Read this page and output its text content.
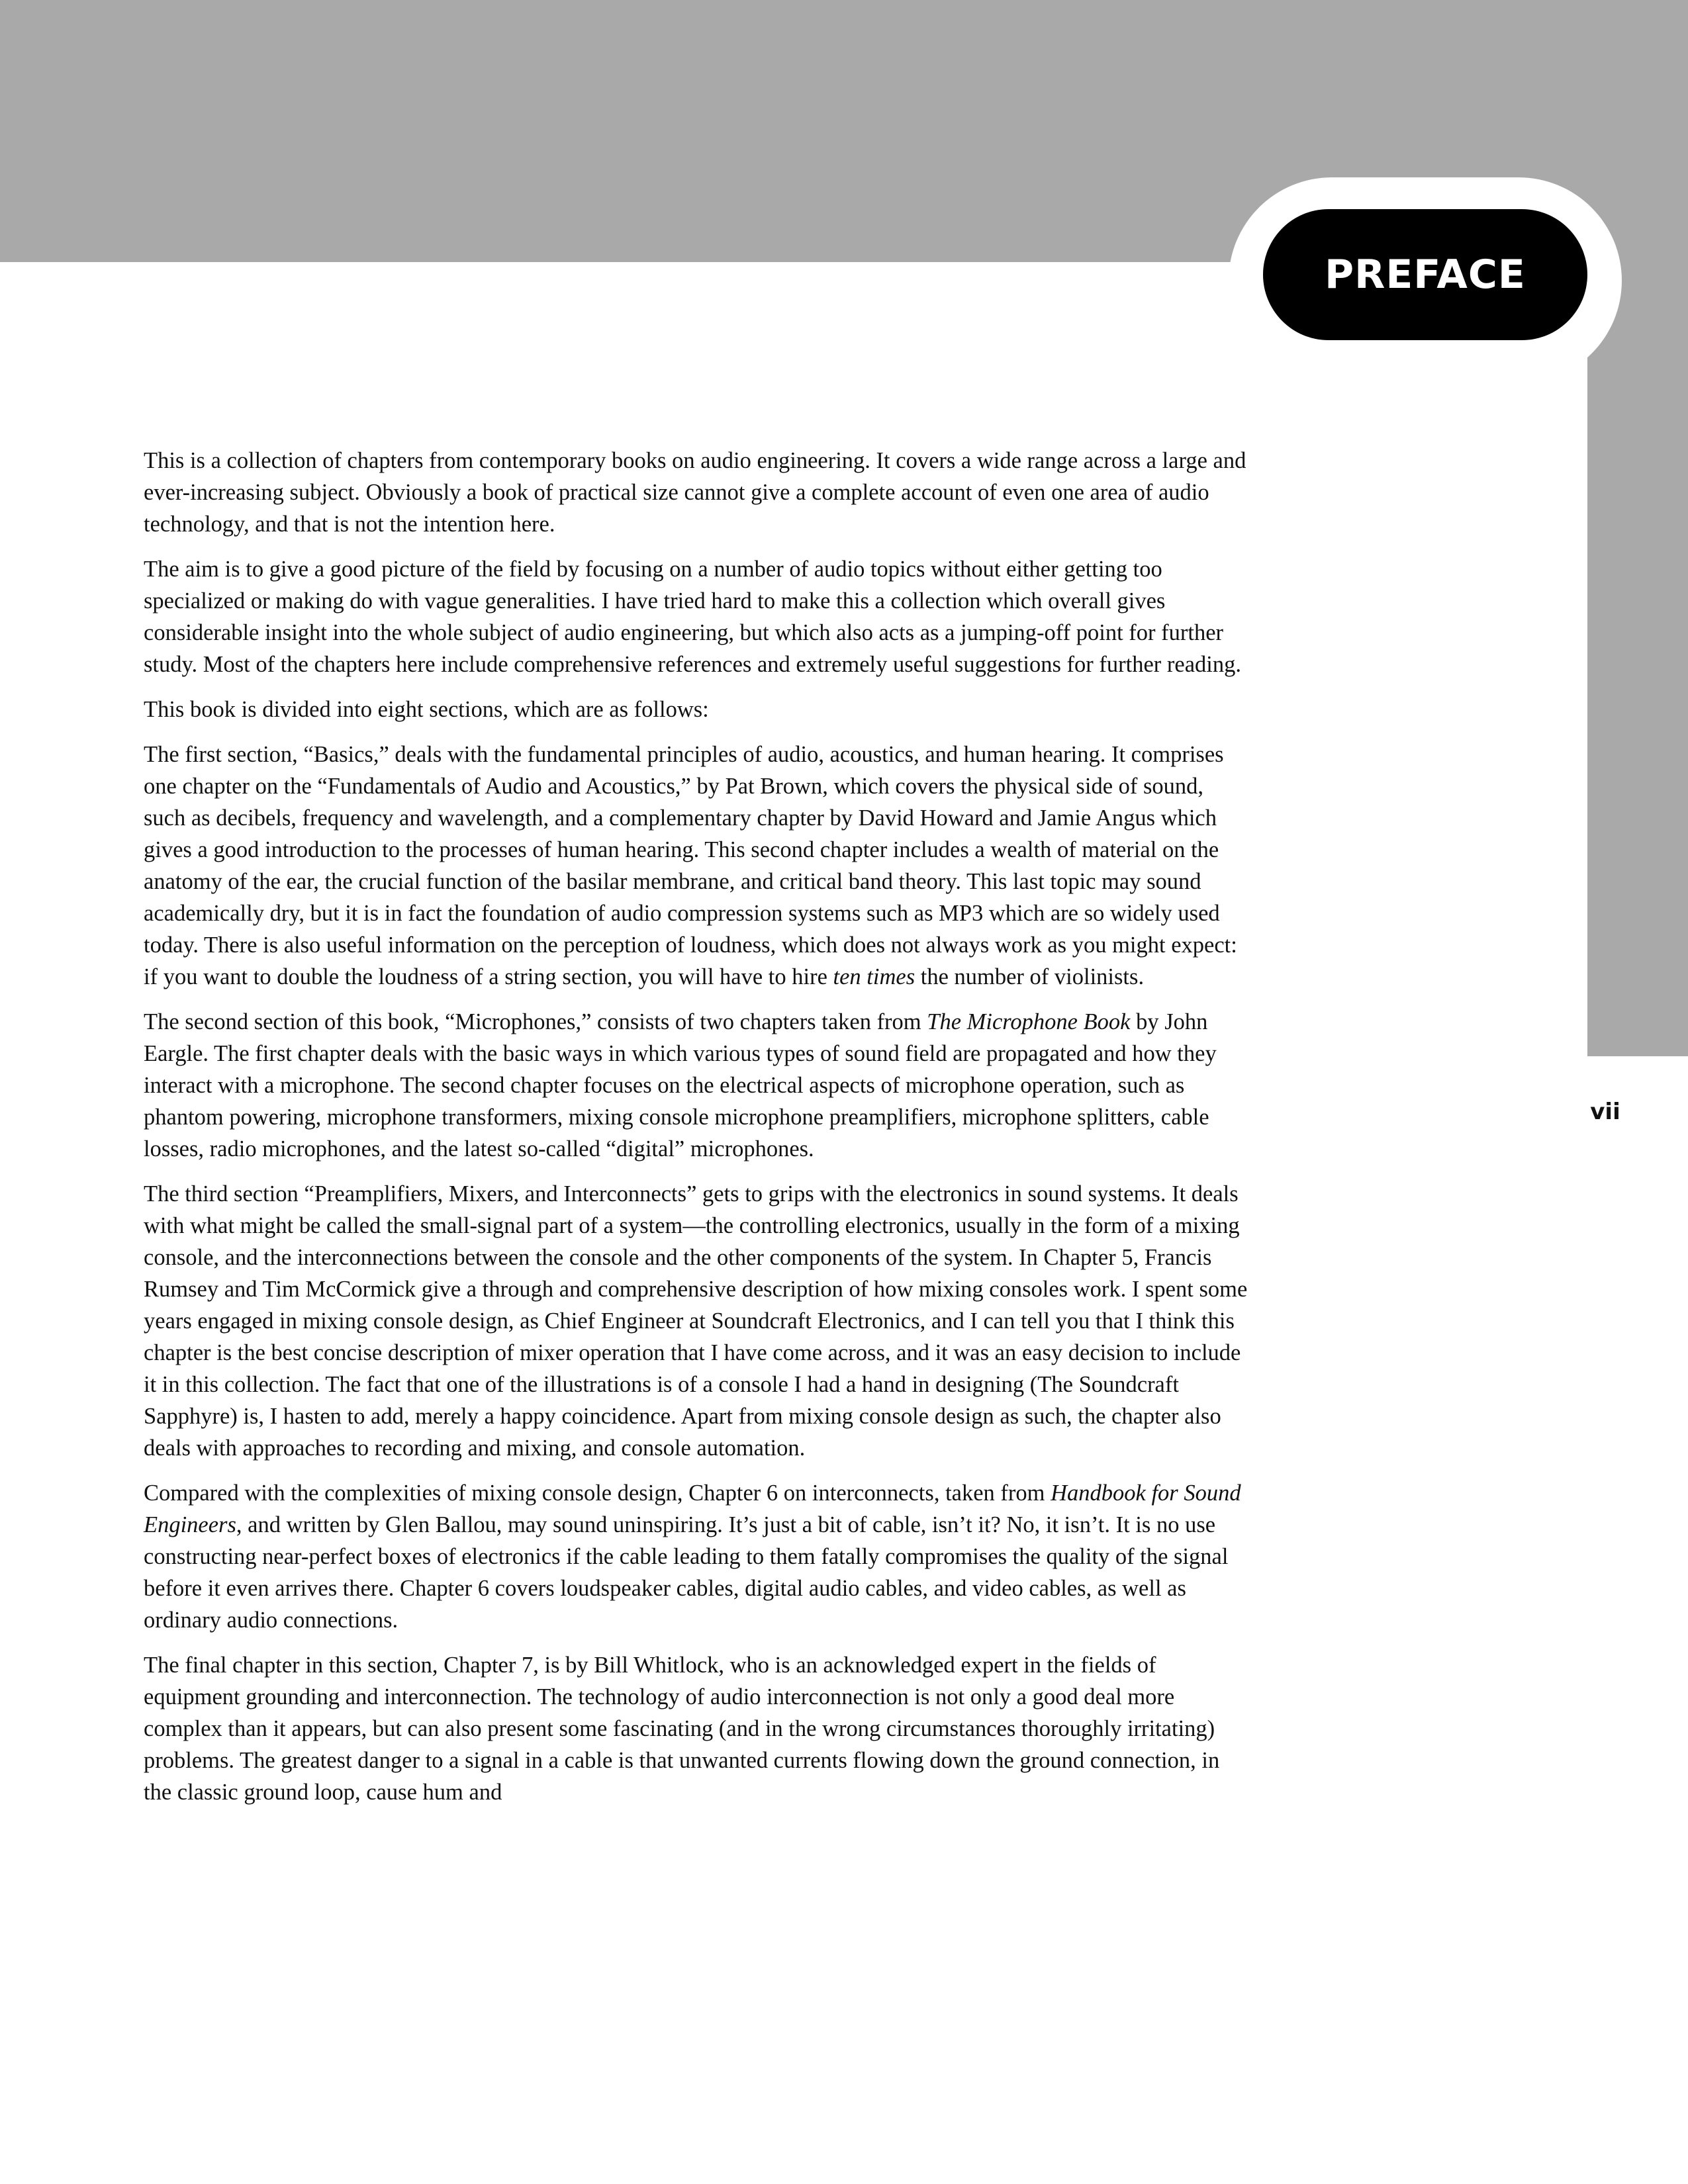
PREFACE
vii

This is a collection of chapters from contemporary books on audio engineering. It covers a wide range across a large and ever-increasing subject. Obviously a book of practical size cannot give a complete account of even one area of audio technology, and that is not the intention here.

The aim is to give a good picture of the field by focusing on a number of audio topics without either getting too specialized or making do with vague generalities. I have tried hard to make this a collection which overall gives considerable insight into the whole subject of audio engineering, but which also acts as a jumping-off point for further study. Most of the chapters here include comprehensive references and extremely useful suggestions for further reading.

This book is divided into eight sections, which are as follows:

The first section, “Basics,” deals with the fundamental principles of audio, acoustics, and human hearing. It comprises one chapter on the “Fundamentals of Audio and Acoustics,” by Pat Brown, which covers the physical side of sound, such as decibels, frequency and wavelength, and a complementary chapter by David Howard and Jamie Angus which gives a good introduction to the processes of human hearing. This second chapter includes a wealth of material on the anatomy of the ear, the crucial function of the basilar membrane, and critical band theory. This last topic may sound academically dry, but it is in fact the foundation of audio compression systems such as MP3 which are so widely used today. There is also useful information on the perception of loudness, which does not always work as you might expect: if you want to double the loudness of a string section, you will have to hire ten times the number of violinists.

The second section of this book, “Microphones,” consists of two chapters taken from The Microphone Book by John Eargle. The first chapter deals with the basic ways in which various types of sound field are propagated and how they interact with a microphone. The second chapter focuses on the electrical aspects of microphone operation, such as phantom powering, microphone transformers, mixing console microphone preamplifiers, microphone splitters, cable losses, radio microphones, and the latest so-called “digital” microphones.

The third section “Preamplifiers, Mixers, and Interconnects” gets to grips with the electronics in sound systems. It deals with what might be called the small-signal part of a system—the controlling electronics, usually in the form of a mixing console, and the interconnections between the console and the other components of the system. In Chapter 5, Francis Rumsey and Tim McCormick give a through and comprehensive description of how mixing consoles work. I spent some years engaged in mixing console design, as Chief Engineer at Soundcraft Electronics, and I can tell you that I think this chapter is the best concise description of mixer operation that I have come across, and it was an easy decision to include it in this collection. The fact that one of the illustrations is of a console I had a hand in designing (The Soundcraft Sapphyre) is, I hasten to add, merely a happy coincidence. Apart from mixing console design as such, the chapter also deals with approaches to recording and mixing, and console automation.

Compared with the complexities of mixing console design, Chapter 6 on interconnects, taken from Handbook for Sound Engineers, and written by Glen Ballou, may sound uninspiring. It’s just a bit of cable, isn’t it? No, it isn’t. It is no use constructing near-perfect boxes of electronics if the cable leading to them fatally compromises the quality of the signal before it even arrives there. Chapter 6 covers loudspeaker cables, digital audio cables, and video cables, as well as ordinary audio connections.

The final chapter in this section, Chapter 7, is by Bill Whitlock, who is an acknowledged expert in the fields of equipment grounding and interconnection. The technology of audio interconnection is not only a good deal more complex than it appears, but can also present some fascinating (and in the wrong circumstances thoroughly irritating) problems. The greatest danger to a signal in a cable is that unwanted currents flowing down the ground connection, in the classic ground loop, cause hum and
